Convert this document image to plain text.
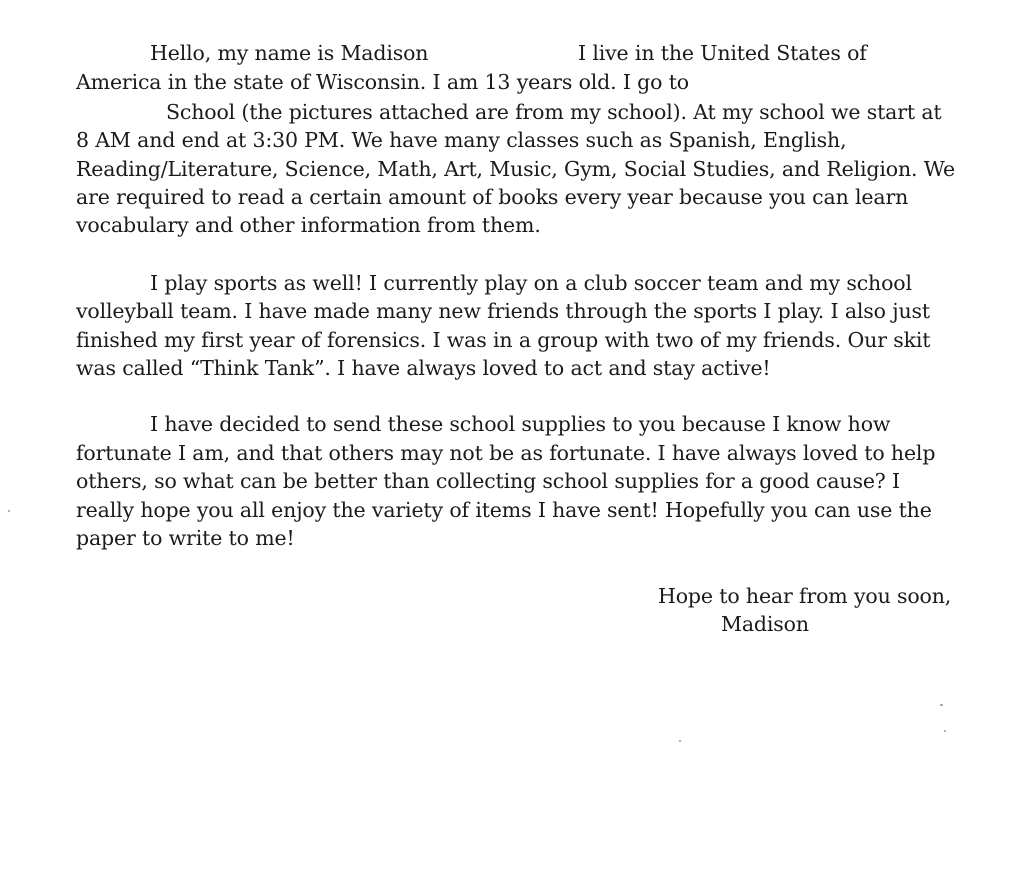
Hello, my name is Madison	I live in the United States of
America in the state of Wisconsin. I am 13 years old. I go to
School (the pictures attached are from my school). At my school we start at
8 AM and end at 3:30 PM. We have many classes such as Spanish, English,
Reading/Literature, Science, Math, Art, Music, Gym, Social Studies, and Religion. We
are required to read a certain amount of books every year because you can learn
vocabulary and other information from them.
I play sports as well! I currently play on a club soccer team and my school
volleyball team. I have made many new friends through the sports I play. I also just
finished my first year of forensics. I was in a group with two of my friends. Our skit
was called “Think Tank”. I have always loved to act and stay active!
I have decided to send these school supplies to you because I know how
fortunate I am, and that others may not be as fortunate. I have always loved to help
others, so what can be better than collecting school supplies for a good cause? I
really hope you all enjoy the variety of items I have sent! Hopefully you can use the
paper to write to me!
Hope to hear from you soon,
Madison
